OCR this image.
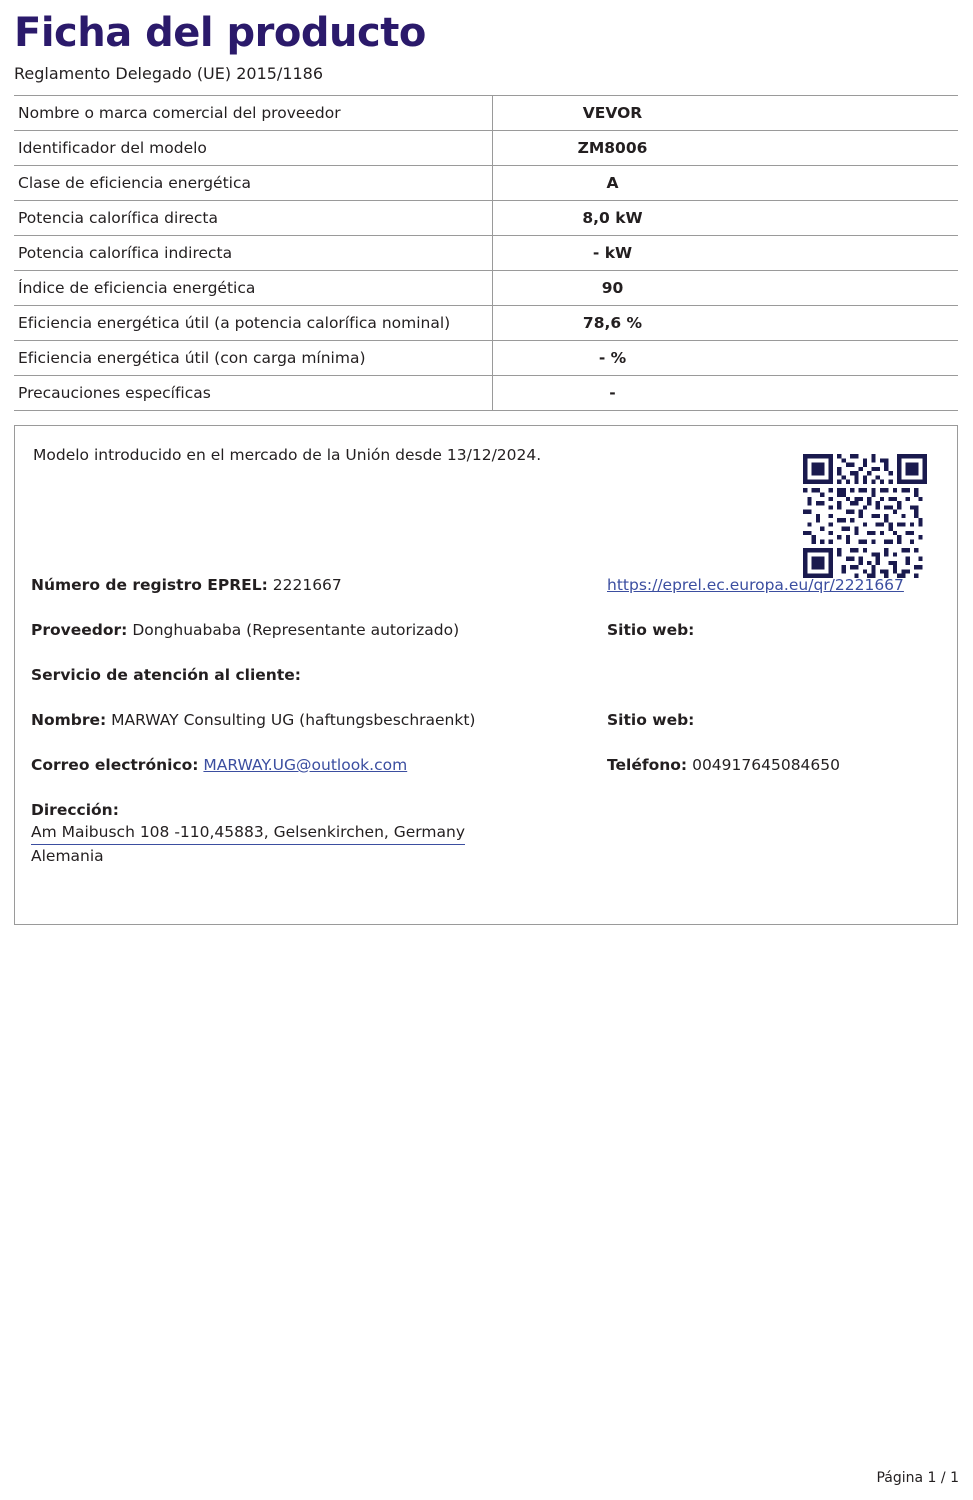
Ficha del producto
Reglamento Delegado (UE) 2015/1186
Nombre o marca comercial del proveedor	VEVOR
Identificador del modelo	ZM8006
Clase de eficiencia energética	A
Potencia calorífica directa	8,0 kW
Potencia calorífica indirecta	- kW
Índice de eficiencia energética	90
Eficiencia energética útil (a potencia calorífica nominal)	78,6 %
Eficiencia energética útil (con carga mínima)	- %
Precauciones específicas	-
Modelo introducido en el mercado de la Unión desde 13/12/2024.
Número de registro EPREL: 2221667	https://eprel.ec.europa.eu/qr/2221667
Proveedor: Donghuababa (Representante autorizado)	Sitio web:
Servicio de atención al cliente:
Nombre: MARWAY Consulting UG (haftungsbeschraenkt)	Sitio web:
Correo electrónico: MARWAY.UG@outlook.com	Teléfono: 004917645084650
Dirección:
Am Maibusch 108 -110,45883, Gelsenkirchen, Germany
Alemania
Página 1 / 1
